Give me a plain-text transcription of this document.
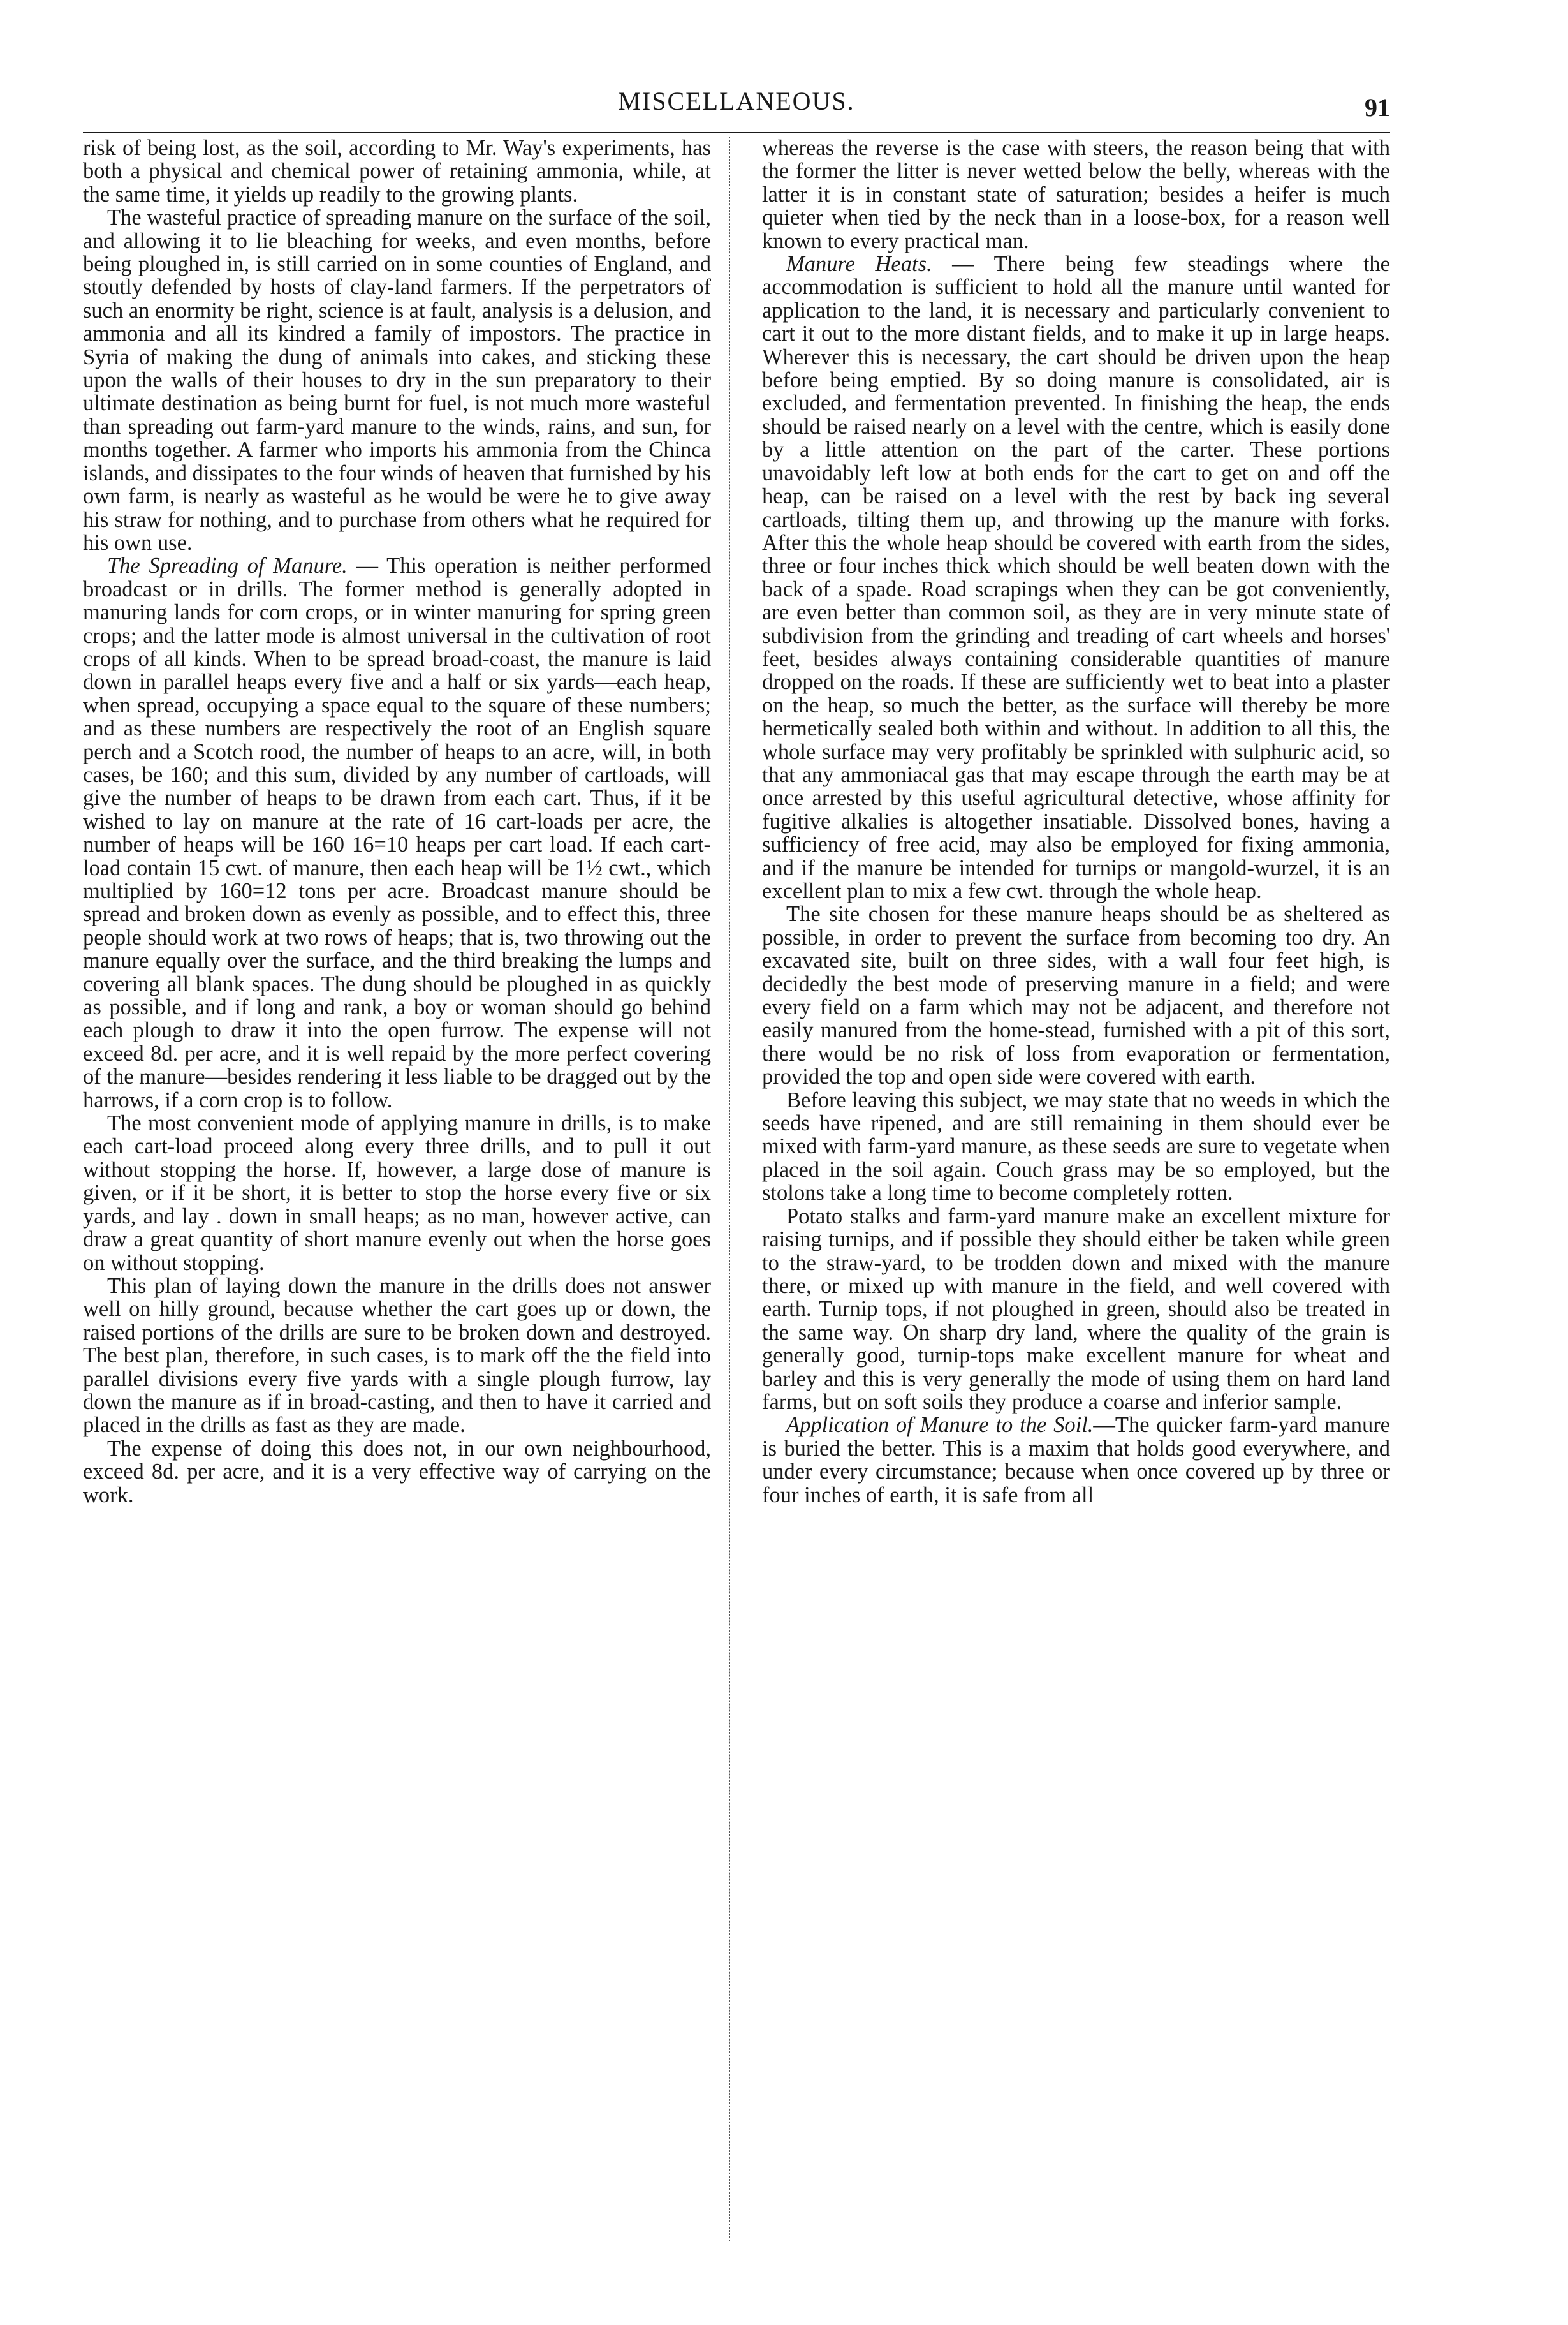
MISCELLANEOUS.	91

risk of being lost, as the soil, according to Mr. Way's experiments, has both a physical and chemical power of retaining ammonia, while, at the same time, it yields up readily to the growing plants.

The wasteful practice of spreading manure on the surface of the soil, and allowing it to lie bleaching for weeks, and even months, before being ploughed in, is still carried on in some counties of England, and stoutly defended by hosts of clay-land farmers. If the perpetrators of such an enormity be right, science is at fault, analysis is a delusion, and ammonia and all its kindred a family of impostors. The practice in Syria of making the dung of animals into cakes, and sticking these upon the walls of their houses to dry in the sun preparatory to their ultimate destination as being burnt for fuel, is not much more wasteful than spreading out farm-yard manure to the winds, rains, and sun, for months together. A farmer who imports his ammonia from the Chinca islands, and dissipates to the four winds of heaven that furnished by his own farm, is nearly as wasteful as he would be were he to give away his straw for nothing, and to purchase from others what he required for his own use.

The Spreading of Manure. — This operation is neither performed broadcast or in drills. The former method is generally adopted in manuring lands for corn crops, or in winter manuring for spring green crops; and the latter mode is almost universal in the cultivation of root crops of all kinds. When to be spread broad-coast, the manure is laid down in parallel heaps every five and a half or six yards—each heap, when spread, occupying a space equal to the square of these numbers; and as these numbers are respectively the root of an English square perch and a Scotch rood, the number of heaps to an acre, will, in both cases, be 160; and this sum, divided by any number of cartloads, will give the number of heaps to be drawn from each cart. Thus, if it be wished to lay on manure at the rate of 16 cart-loads per acre, the number of heaps will be 160 16=10 heaps per cart load. If each cart-load contain 15 cwt. of manure, then each heap will be 1½ cwt., which multiplied by 160=12 tons per acre. Broadcast manure should be spread and broken down as evenly as possible, and to effect this, three people should work at two rows of heaps; that is, two throwing out the manure equally over the surface, and the third breaking the lumps and covering all blank spaces. The dung should be ploughed in as quickly as possible, and if long and rank, a boy or woman should go behind each plough to draw it into the open furrow. The expense will not exceed 8d. per acre, and it is well repaid by the more perfect covering of the manure—besides rendering it less liable to be dragged out by the harrows, if a corn crop is to follow.

The most convenient mode of applying manure in drills, is to make each cart-load proceed along every three drills, and to pull it out without stopping the horse. If, however, a large dose of manure is given, or if it be short, it is better to stop the horse every five or six yards, and lay . down in small heaps; as no man, however active, can draw a great quantity of short manure evenly out when the horse goes on without stopping.

This plan of laying down the manure in the drills does not answer well on hilly ground, because whether the cart goes up or down, the raised portions of the drills are sure to be broken down and destroyed. The best plan, therefore, in such cases, is to mark off the the field into parallel divisions every five yards with a single plough furrow, lay down the manure as if in broad-casting, and then to have it carried and placed in the drills as fast as they are made.

The expense of doing this does not, in our own neighbourhood, exceed 8d. per acre, and it is a very effective way of carrying on the work.

whereas the reverse is the case with steers, the reason being that with the former the litter is never wetted below the belly, whereas with the latter it is in constant state of saturation; besides a heifer is much quieter when tied by the neck than in a loose-box, for a reason well known to every practical man.

Manure Heats. — There being few steadings where the accommodation is sufficient to hold all the manure until wanted for application to the land, it is necessary and particularly convenient to cart it out to the more distant fields, and to make it up in large heaps. Wherever this is necessary, the cart should be driven upon the heap before being emptied. By so doing manure is consolidated, air is excluded, and fermentation prevented. In finishing the heap, the ends should be raised nearly on a level with the centre, which is easily done by a little attention on the part of the carter. These portions unavoidably left low at both ends for the cart to get on and off the heap, can be raised on a level with the rest by back ing several cartloads, tilting them up, and throwing up the manure with forks. After this the whole heap should be covered with earth from the sides, three or four inches thick which should be well beaten down with the back of a spade. Road scrapings when they can be got conveniently, are even better than common soil, as they are in very minute state of subdivision from the grinding and treading of cart wheels and horses' feet, besides always containing considerable quantities of manure dropped on the roads. If these are sufficiently wet to beat into a plaster on the heap, so much the better, as the surface will thereby be more hermetically sealed both within and without. In addition to all this, the whole surface may very profitably be sprinkled with sulphuric acid, so that any ammoniacal gas that may escape through the earth may be at once arrested by this useful agricultural detective, whose affinity for fugitive alkalies is altogether insatiable. Dissolved bones, having a sufficiency of free acid, may also be employed for fixing ammonia, and if the manure be intended for turnips or mangold-wurzel, it is an excellent plan to mix a few cwt. through the whole heap.

The site chosen for these manure heaps should be as sheltered as possible, in order to prevent the surface from becoming too dry. An excavated site, built on three sides, with a wall four feet high, is decidedly the best mode of preserving manure in a field; and were every field on a farm which may not be adjacent, and therefore not easily manured from the home-stead, furnished with a pit of this sort, there would be no risk of loss from evaporation or fermentation, provided the top and open side were covered with earth.

Before leaving this subject, we may state that no weeds in which the seeds have ripened, and are still remaining in them should ever be mixed with farm-yard manure, as these seeds are sure to vegetate when placed in the soil again. Couch grass may be so employed, but the stolons take a long time to become completely rotten.

Potato stalks and farm-yard manure make an excellent mixture for raising turnips, and if possible they should either be taken while green to the straw-yard, to be trodden down and mixed with the manure there, or mixed up with manure in the field, and well covered with earth. Turnip tops, if not ploughed in green, should also be treated in the same way. On sharp dry land, where the quality of the grain is generally good, turnip-tops make excellent manure for wheat and barley and this is very generally the mode of using them on hard land farms, but on soft soils they produce a coarse and inferior sample.

Application of Manure to the Soil.—The quicker farm-yard manure is buried the better. This is a maxim that holds good everywhere, and under every circumstance; because when once covered up by three or four inches of earth, it is safe from all
